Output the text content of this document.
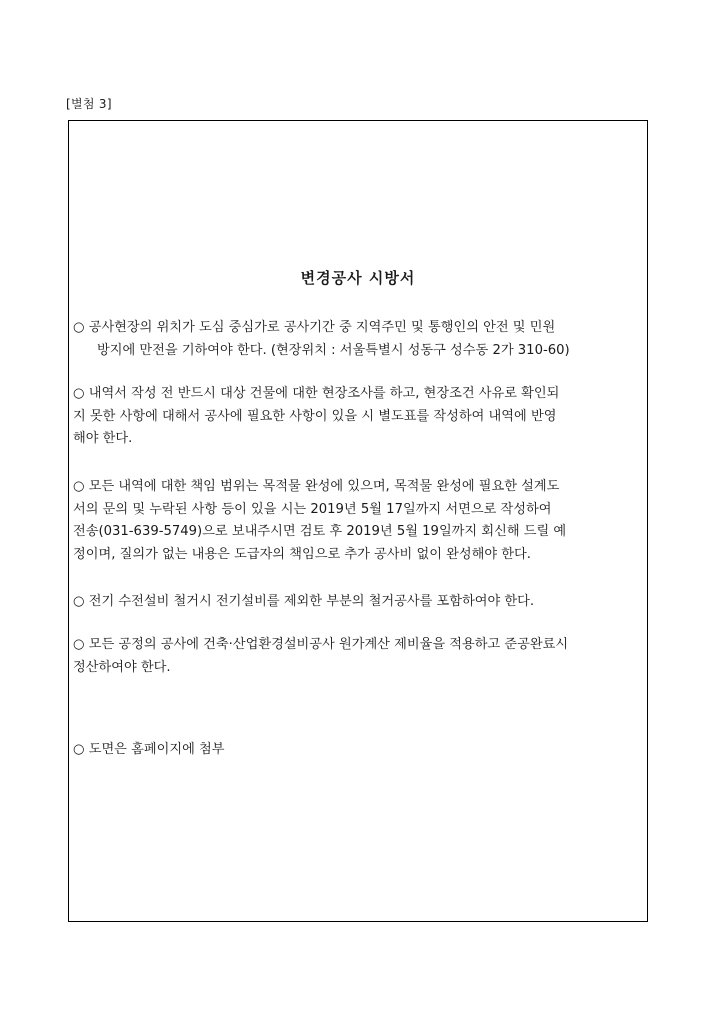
[별첨 3]
변경공사 시방서
○ 공사현장의 위치가 도심 중심가로 공사기간 중 지역주민 및 통행인의 안전 및 민원
방지에 만전을 기하여야 한다. (현장위치 : 서울특별시 성동구 성수동 2가 310-60)
○ 내역서 작성 전 반드시 대상 건물에 대한 현장조사를 하고, 현장조건 사유로 확인되
지 못한 사항에 대해서 공사에 필요한 사항이 있을 시 별도표를 작성하여 내역에 반영
해야 한다.
○ 모든 내역에 대한 책임 범위는 목적물 완성에 있으며, 목적물 완성에 필요한 설계도
서의 문의 및 누락된 사항 등이 있을 시는 2019년 5월 17일까지 서면으로 작성하여
전송(031-639-5749)으로 보내주시면 검토 후 2019년 5월 19일까지 회신해 드릴 예
정이며, 질의가 없는 내용은 도급자의 책임으로 추가 공사비 없이 완성해야 한다.
○ 전기 수전설비 철거시 전기설비를 제외한 부분의 철거공사를 포함하여야 한다.
○ 모든 공정의 공사에 건축·산업환경설비공사 원가계산 제비율을 적용하고 준공완료시
정산하여야 한다.
○ 도면은 홈페이지에 첨부
